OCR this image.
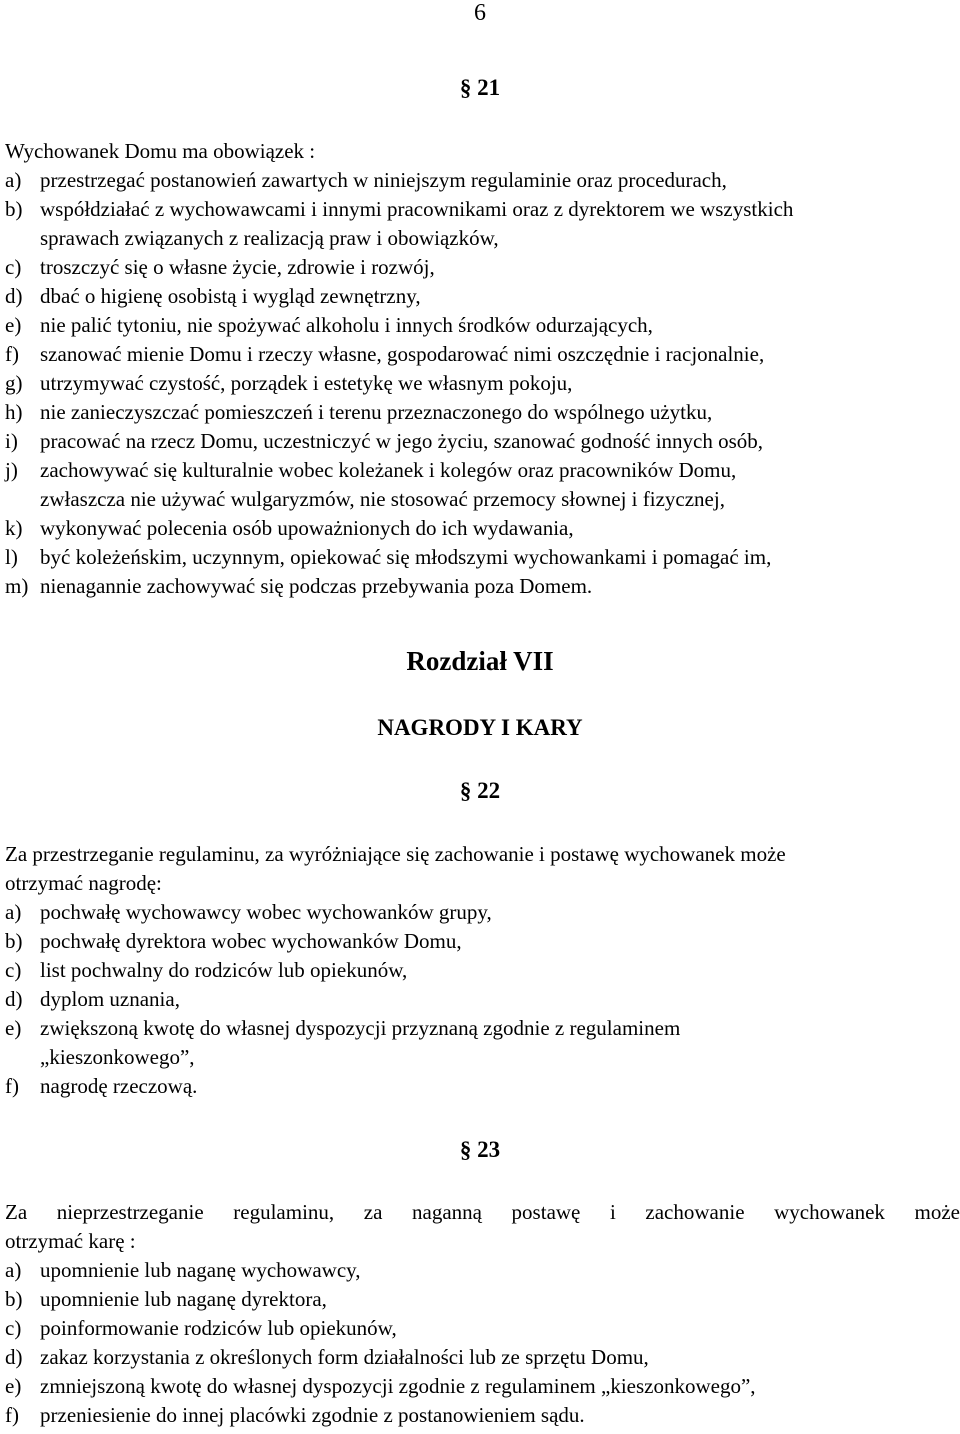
6
§ 21

Wychowanek Domu ma obowiązek :

a) przestrzegać postanowień zawartych w niniejszym regulaminie oraz procedurach,
b) współdziałać z wychowawcami i innymi pracownikami oraz z dyrektorem we wszystkich
sprawach związanych z realizacją praw i obowiązków,
c) troszczyć się o własne życie, zdrowie i rozwój,
d) dbać o higienę osobistą i wygląd zewnętrzny,
e) nie palić tytoniu, nie spożywać alkoholu i innych środków odurzających,
f)	szanować mienie Domu i rzeczy własne, gospodarować nimi oszczędnie i racjonalnie,
g) utrzymywać czystość, porządek i estetykę we własnym pokoju,
h) nie zanieczyszczać pomieszczeń i terenu przeznaczonego do wspólnego użytku,
i)	pracować na rzecz Domu, uczestniczyć w jego życiu, szanować godność innych osób,
j)	zachowywać się kulturalnie wobec koleżanek i kolegów oraz pracowników Domu,
zwłaszcza nie używać wulgaryzmów, nie stosować przemocy słownej i fizycznej,
k) wykonywać polecenia osób upoważnionych do ich wydawania,
l)	być koleżeńskim, uczynnym, opiekować się młodszymi wychowankami i pomagać im,
m) nienagannie zachowywać się podczas przebywania poza Domem.
Rozdział VII
NAGRODY I KARY
§ 22

Za przestrzeganie regulaminu, za wyróżniające się zachowanie i postawę wychowanek może

otrzymać nagrodę:

a) pochwałę wychowawcy wobec wychowanków grupy,
b) pochwałę dyrektora wobec wychowanków Domu,
c) list pochwalny do rodziców lub opiekunów,
d) dyplom uznania,
e) zwiększoną kwotę do własnej dyspozycji przyznaną zgodnie z regulaminem
„kieszonkowego”,
f)	nagrodę rzeczową.
§ 23

Za nieprzestrzeganie regulaminu, za naganną postawę i zachowanie wychowanek może

otrzymać karę :

a) upomnienie lub naganę wychowawcy,
b) upomnienie lub naganę dyrektora,
c) poinformowanie rodziców lub opiekunów,
d) zakaz korzystania z określonych form działalności lub ze sprzętu Domu,
e) zmniejszoną kwotę do własnej dyspozycji zgodnie z regulaminem „kieszonkowego”,
f)	przeniesienie do innej placówki zgodnie z postanowieniem sądu.
